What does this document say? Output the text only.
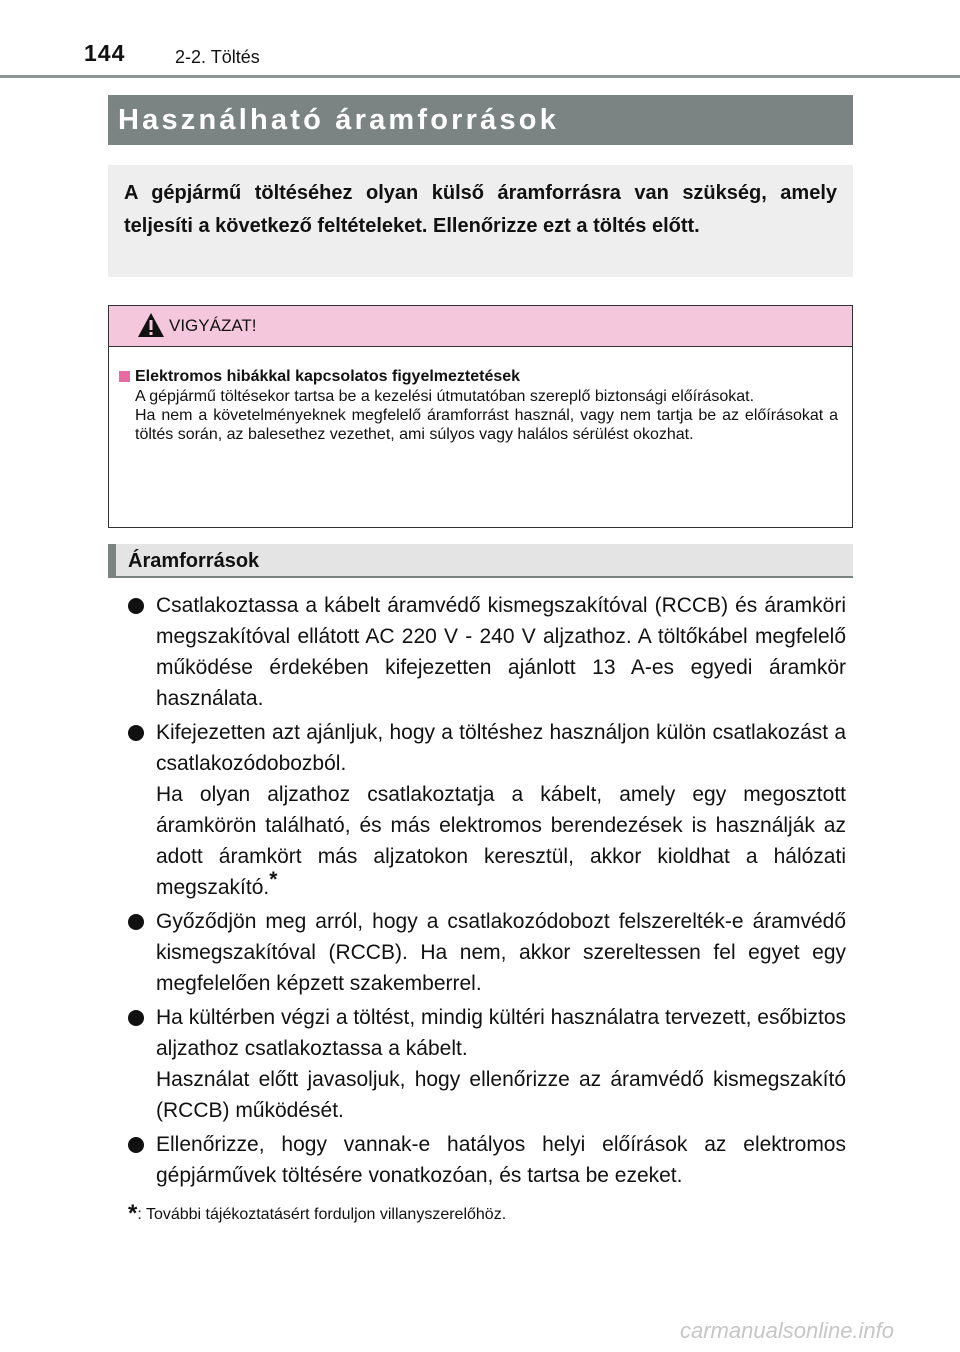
144	2-2. Töltés
Használható áramforrások
A gépjármű töltéséhez olyan külső áramforrásra van szükség, amely teljesíti a következő feltételeket. Ellenőrizze ezt a töltés előtt.
VIGYÁZAT!
Elektromos hibákkal kapcsolatos figyelmeztetések
A gépjármű töltésekor tartsa be a kezelési útmutatóban szereplő biztonsági előírásokat.
Ha nem a követelményeknek megfelelő áramforrást használ, vagy nem tartja be az előírásokat a töltés során, az balesethez vezethet, ami súlyos vagy halálos sérülést okozhat.
Áramforrások

Csatlakoztassa a kábelt áramvédő kismegszakítóval (RCCB) és áramköri megszakítóval ellátott AC 220 V - 240 V aljzathoz. A töltőkábel megfelelő működése érdekében kifejezetten ajánlott 13 A-es egyedi áramkör használata.

Kifejezetten azt ajánljuk, hogy a töltéshez használjon külön csatlakozást a csatlakozódobozból.

Ha olyan aljzathoz csatlakoztatja a kábelt, amely egy megosztott áramkörön található, és más elektromos berendezések is használják az adott áramkört más aljzatokon keresztül, akkor kioldhat a hálózati megszakító.*

Győződjön meg arról, hogy a csatlakozódobozt felszerelték-e áramvédő kismegszakítóval (RCCB). Ha nem, akkor szereltessen fel egyet egy megfelelően képzett szakemberrel.

Ha kültérben végzi a töltést, mindig kültéri használatra tervezett, esőbiztos aljzathoz csatlakoztassa a kábelt.

Használat előtt javasoljuk, hogy ellenőrizze az áramvédő kismegszakító (RCCB) működését.

Ellenőrizze, hogy vannak-e hatályos helyi előírások az elektromos gépjárművek töltésére vonatkozóan, és tartsa be ezeket.

*: További tájékoztatásért forduljon villanyszerelőhöz.
carmanualsonline.info
